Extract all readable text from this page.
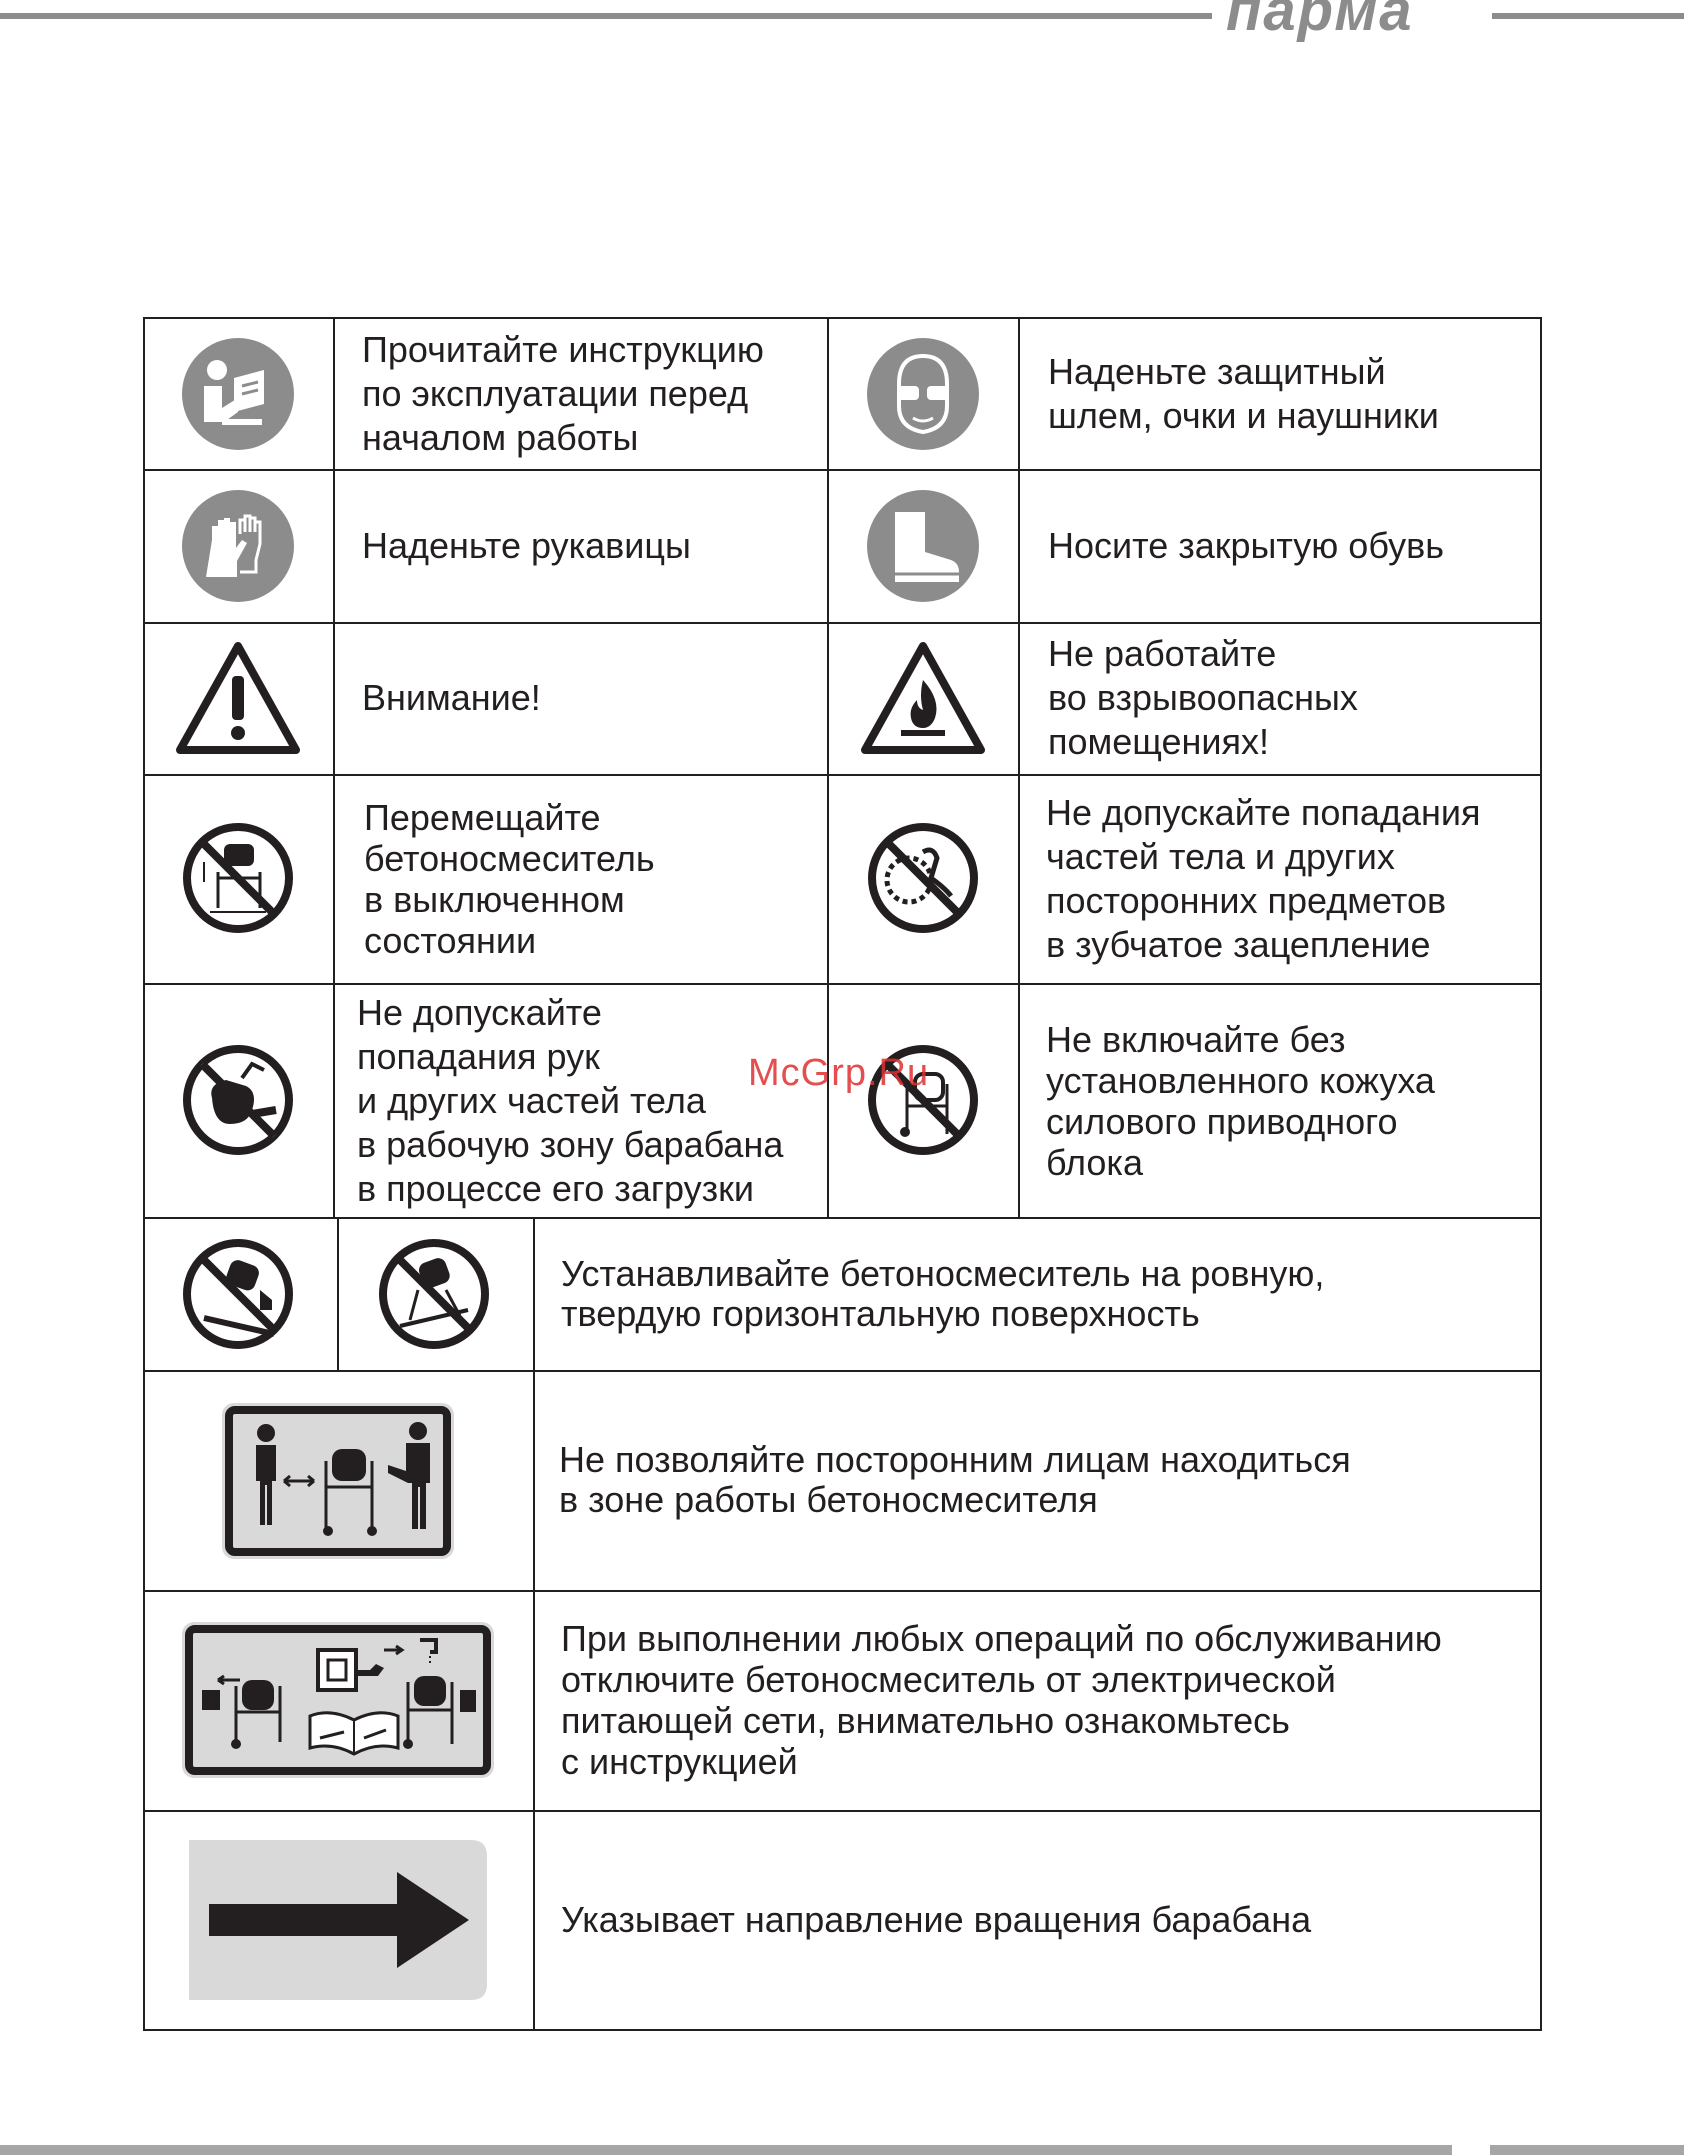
парма
Прочитайте инструкцию
по эксплуатации перед
началом работы
Наденьте защитный
шлем, очки и наушники
Наденьте рукавицы	Носите закрытую обувь
Внимание!
Не работайте
во взрывоопасных
помещениях!
Перемещайте
бетоносмеситель
в выключенном
состоянии
Не допускайте попадания
частей тела и других
посторонних предметов
в зубчатое зацепление
Не допускайте
попадания рук
и других частей тела
в рабочую зону барабана
в процессе его загрузки
Не включайте без
установленного кожуха
силового приводного
блока
Устанавливайте бетоносмеситель на ровную,
твердую горизонтальную поверхность
Не позволяйте посторонним лицам находиться
в зоне работы бетоносмесителя
При выполнении любых операций по обслуживанию
отключите бетоносмеситель от электрической
питающей сети, внимательно ознакомьтесь
с инструкцией
Указывает направление вращения барабана
McGrp.Ru
